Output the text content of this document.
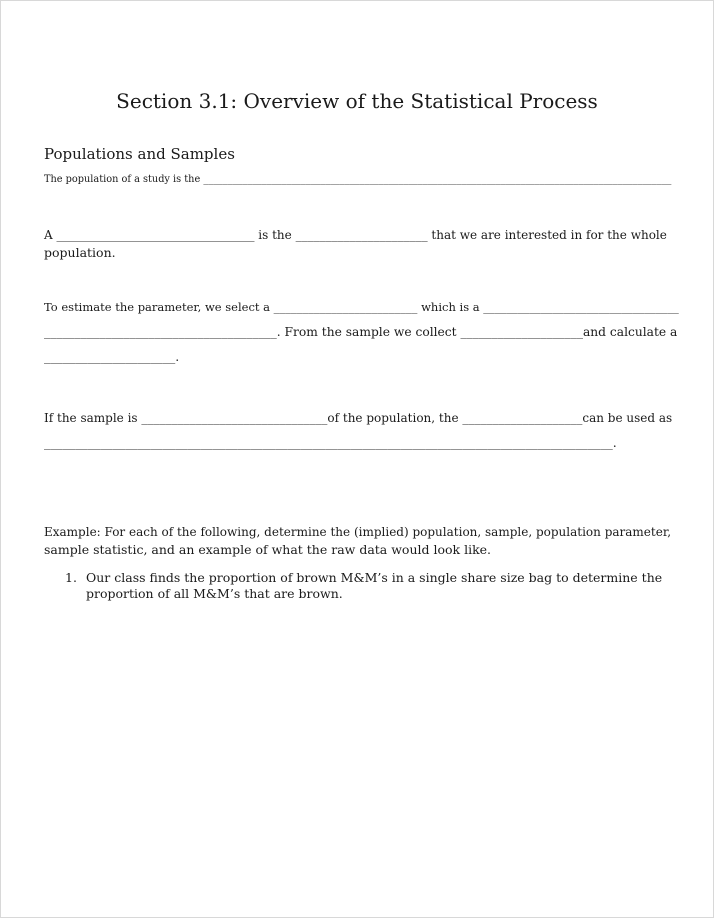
Section 3.1: Overview of the Statistical Process
Populations and Samples
The population of a study is the ________________________________________________________________________________________________
A _________________________________ is the ______________________ that we are interested in for the whole
population.
To estimate the parameter, we select a _________________________ which is a __________________________________
______________________________________. From the sample we collect ____________________and calculate a
_____________________.
If the sample is _______________________________of the population, the ____________________can be used as
___________________________________________________________________________________________.
Example: For each of the following, determine the (implied) population, sample, population parameter,
sample statistic, and an example of what the raw data would look like.
1. Our class finds the proportion of brown M&M’s in a single share size bag to determine the
proportion of all M&M’s that are brown.
